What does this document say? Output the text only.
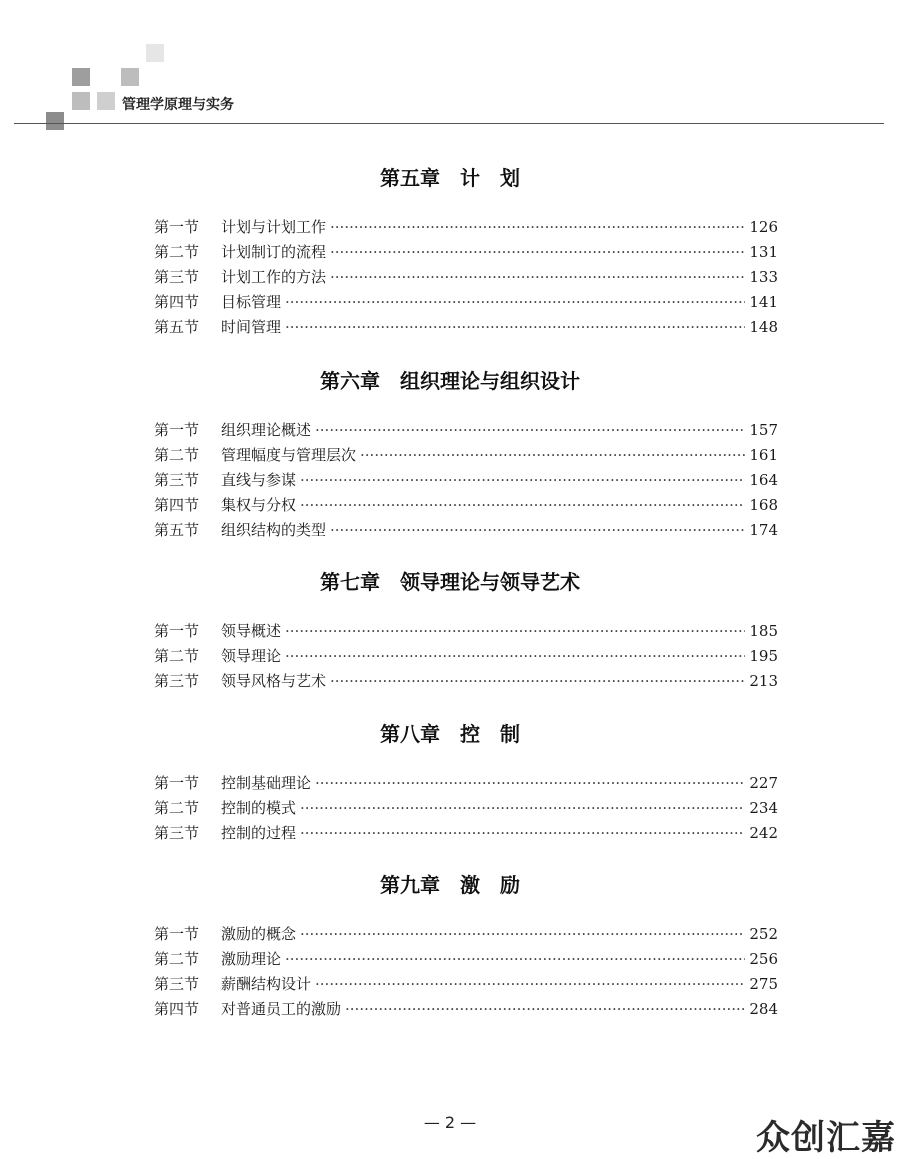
管理学原理与实务
第五章　计　划
第一节	计划与计划工作 ·····	126
第二节	计划制订的流程 ·····	131
第三节	计划工作的方法 ·····	133
第四节	目标管理 ·····	141
第五节	时间管理 ·····	148
第六章　组织理论与组织设计
第一节	组织理论概述 ·····	157
第二节	管理幅度与管理层次 ·····	161
第三节	直线与参谋 ·····	164
第四节	集权与分权 ·····	168
第五节	组织结构的类型 ·····	174
第七章　领导理论与领导艺术
第一节	领导概述 ·····	185
第二节	领导理论 ·····	195
第三节	领导风格与艺术 ·····	213
第八章　控　制
第一节	控制基础理论 ·····	227
第二节	控制的模式 ·····	234
第三节	控制的过程 ·····	242
第九章　激　励
第一节	激励的概念 ·····	252
第二节	激励理论 ·····	256
第三节	薪酬结构设计 ·····	275
第四节	对普通员工的激励 ·····	284
— 2 —	众创汇嘉
